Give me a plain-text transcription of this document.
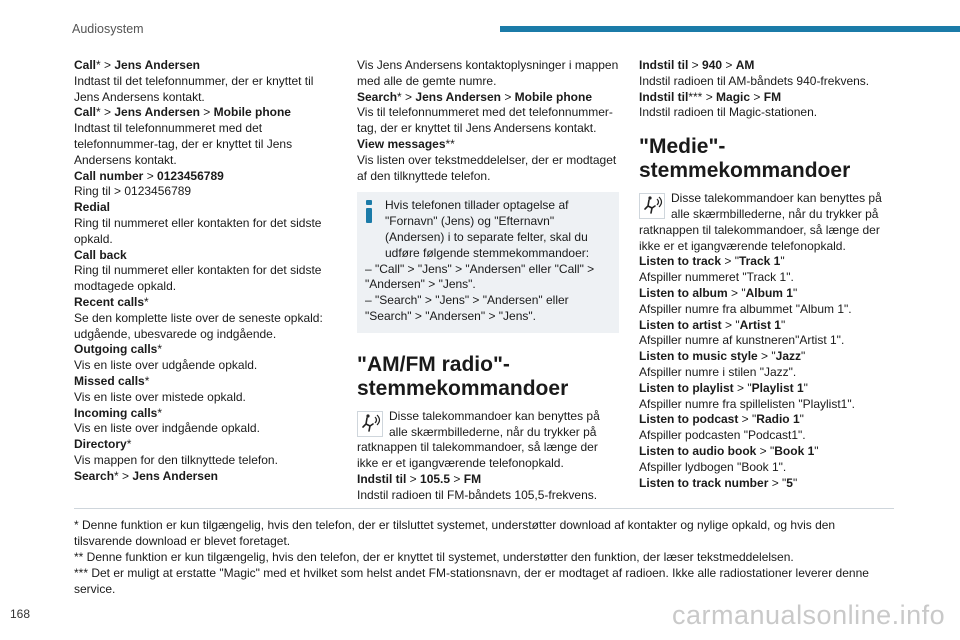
Audiosystem

Call* > Jens Andersen

Indtast til det telefonnummer, der er knyttet til Jens Andersens kontakt.

Call* > Jens Andersen > Mobile phone

Indtast til telefonnummeret med det telefonnummer-tag, der er knyttet til Jens Andersens kontakt.

Call number > 0123456789

Ring til > 0123456789

Redial

Ring til nummeret eller kontakten for det sidste opkald.

Call back

Ring til nummeret eller kontakten for det sidste modtagede opkald.

Recent calls*

Se den komplette liste over de seneste opkald: udgående, ubesvarede og indgående.

Outgoing calls*

Vis en liste over udgående opkald.

Missed calls*

Vis en liste over mistede opkald.

Incoming calls*

Vis en liste over indgående opkald.

Directory*

Vis mappen for den tilknyttede telefon.

Search* > Jens Andersen

Vis Jens Andersens kontaktoplysninger i mappen med alle de gemte numre.

Search* > Jens Andersen > Mobile phone

Vis til telefonnummeret med det telefonnummer-tag, der er knyttet til Jens Andersens kontakt.

View messages**

Vis listen over tekstmeddelelser, der er modtaget af den tilknyttede telefon.

Hvis telefonen tillader optagelse af "Fornavn" (Jens) og "Efternavn" (Andersen) i to separate felter, skal du udføre følgende stemmekommandoer:

– "Call" > "Jens" > "Andersen" eller "Call" > "Andersen" > "Jens".

– "Search" > "Jens" > "Andersen" eller "Search" > "Andersen" > "Jens".

"AM/FM radio"-stemmekommandoer
Disse talekommandoer kan benyttes på alle skærmbillederne, når du trykker på ratknappen til talekommandoer, så længe der ikke er et igangværende telefonopkald.

Indstil til > 105.5 > FM

Indstil radioen til FM-båndets 105,5-frekvens.

Indstil til > 940 > AM

Indstil radioen til AM-båndets 940-frekvens.

Indstil til*** > Magic > FM

Indstil radioen til Magic-stationen.

"Medie"-stemmekommandoer
Disse talekommandoer kan benyttes på alle skærmbillederne, når du trykker på ratknappen til talekommandoer, så længe der ikke er et igangværende telefonopkald.

Listen to track > "Track 1"

Afspiller nummeret "Track 1".

Listen to album > "Album 1"

Afspiller numre fra albummet "Album 1".

Listen to artist > "Artist 1"

Afspiller numre af kunstneren"Artist 1".

Listen to music style > "Jazz"

Afspiller numre i stilen "Jazz".

Listen to playlist > "Playlist 1"

Afspiller numre fra spillelisten "Playlist1".

Listen to podcast > "Radio 1"

Afspiller podcasten "Podcast1".

Listen to audio book > "Book 1"

Afspiller lydbogen "Book 1".

Listen to track number > "5"

* Denne funktion er kun tilgængelig, hvis den telefon, der er tilsluttet systemet, understøtter download af kontakter og nylige opkald, og hvis den tilsvarende download er blevet foretaget.

** Denne funktion er kun tilgængelig, hvis den telefon, der er knyttet til systemet, understøtter den funktion, der læser tekstmeddelelsen.

*** Det er muligt at erstatte "Magic" med et hvilket som helst andet FM-stationsnavn, der er modtaget af radioen. Ikke alle radiostationer leverer denne service.

168	carmanualsonline.info
